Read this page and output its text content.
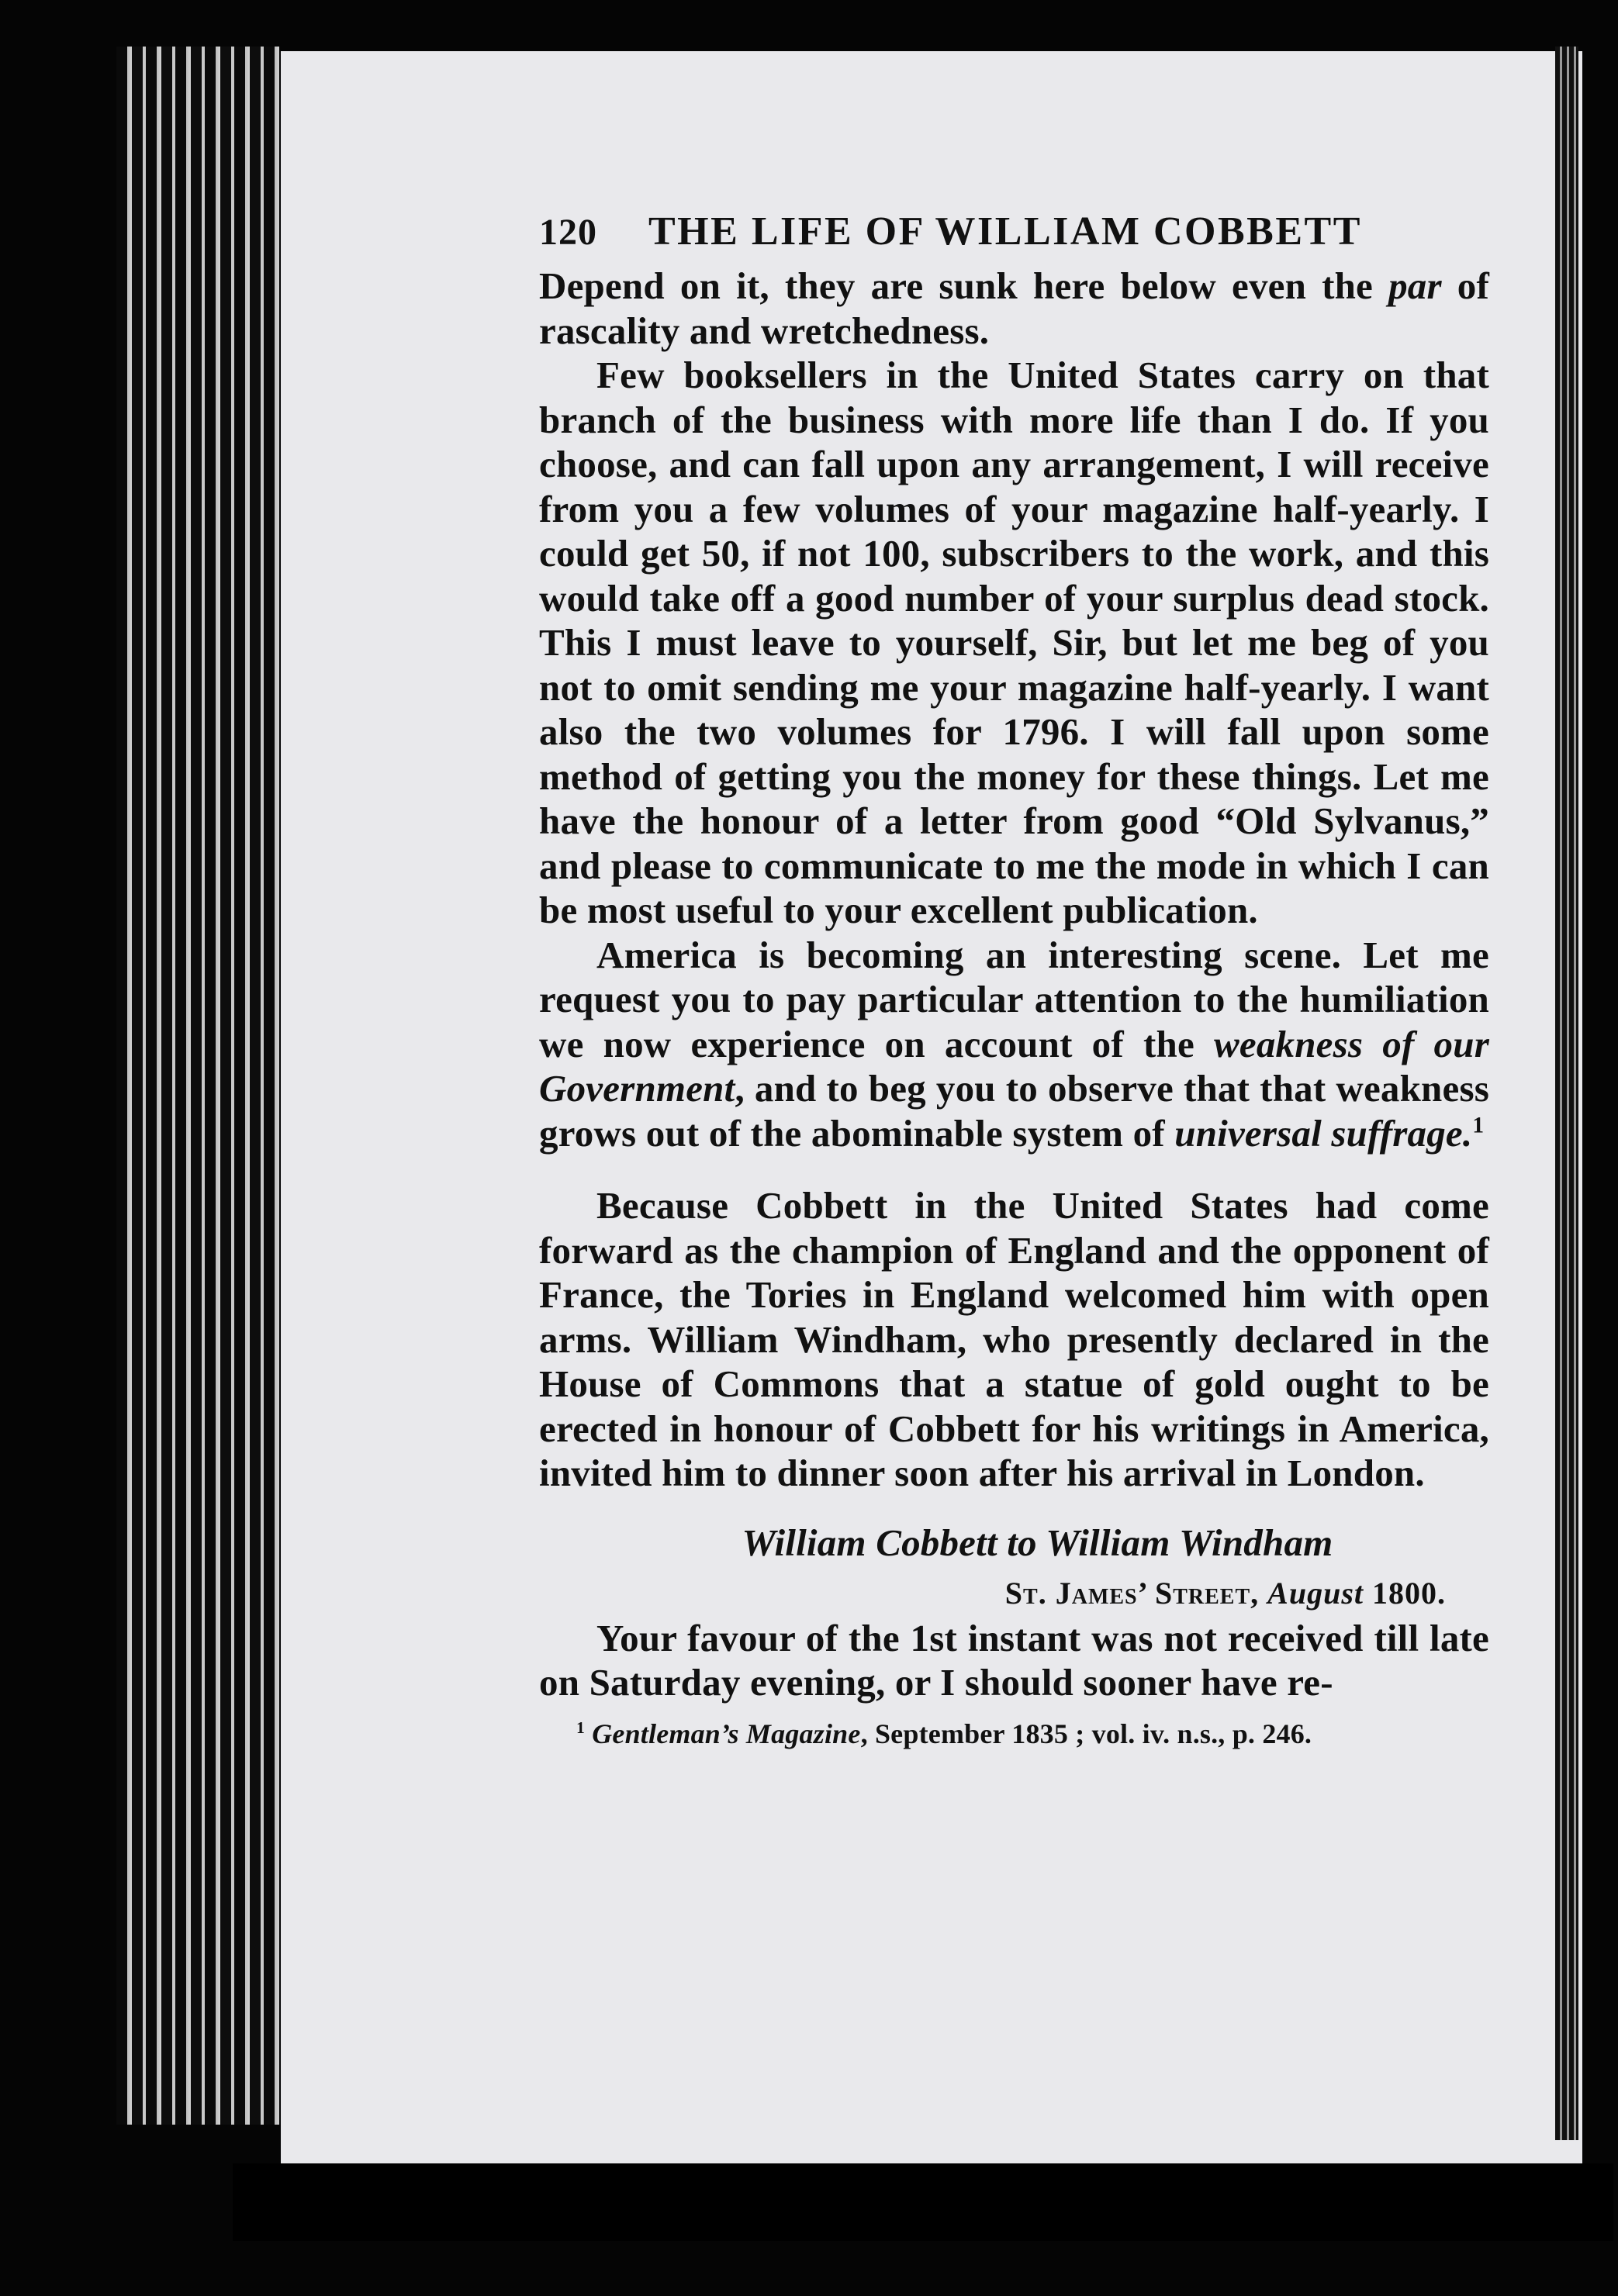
120 THE LIFE OF WILLIAM COBBETT

Depend on it, they are sunk here below even the par of rascality and wretchedness.

Few booksellers in the United States carry on that branch of the business with more life than I do. If you choose, and can fall upon any arrangement, I will receive from you a few volumes of your magazine half-yearly. I could get 50, if not 100, subscribers to the work, and this would take off a good number of your surplus dead stock. This I must leave to yourself, Sir, but let me beg of you not to omit sending me your magazine half-yearly. I want also the two volumes for 1796. I will fall upon some method of getting you the money for these things. Let me have the honour of a letter from good “Old Sylvanus,” and please to communicate to me the mode in which I can be most useful to your excellent publication.

America is becoming an interesting scene. Let me request you to pay particular attention to the humiliation we now experience on account of the weakness of our Government, and to beg you to observe that that weakness grows out of the abominable system of universal suffrage.$^1$

Because Cobbett in the United States had come forward as the champion of England and the opponent of France, the Tories in England welcomed him with open arms. William Windham, who presently declared in the House of Commons that a statue of gold ought to be erected in honour of Cobbett for his writings in America, invited him to dinner soon after his arrival in London.

William Cobbett to William Windham

St. James’ Street, August 1800.

Your favour of the 1st instant was not received till late on Saturday evening, or I should sooner have re-

$^1$ Gentleman’s Magazine, September 1835 ; vol. iv. n.s., p. 246.
